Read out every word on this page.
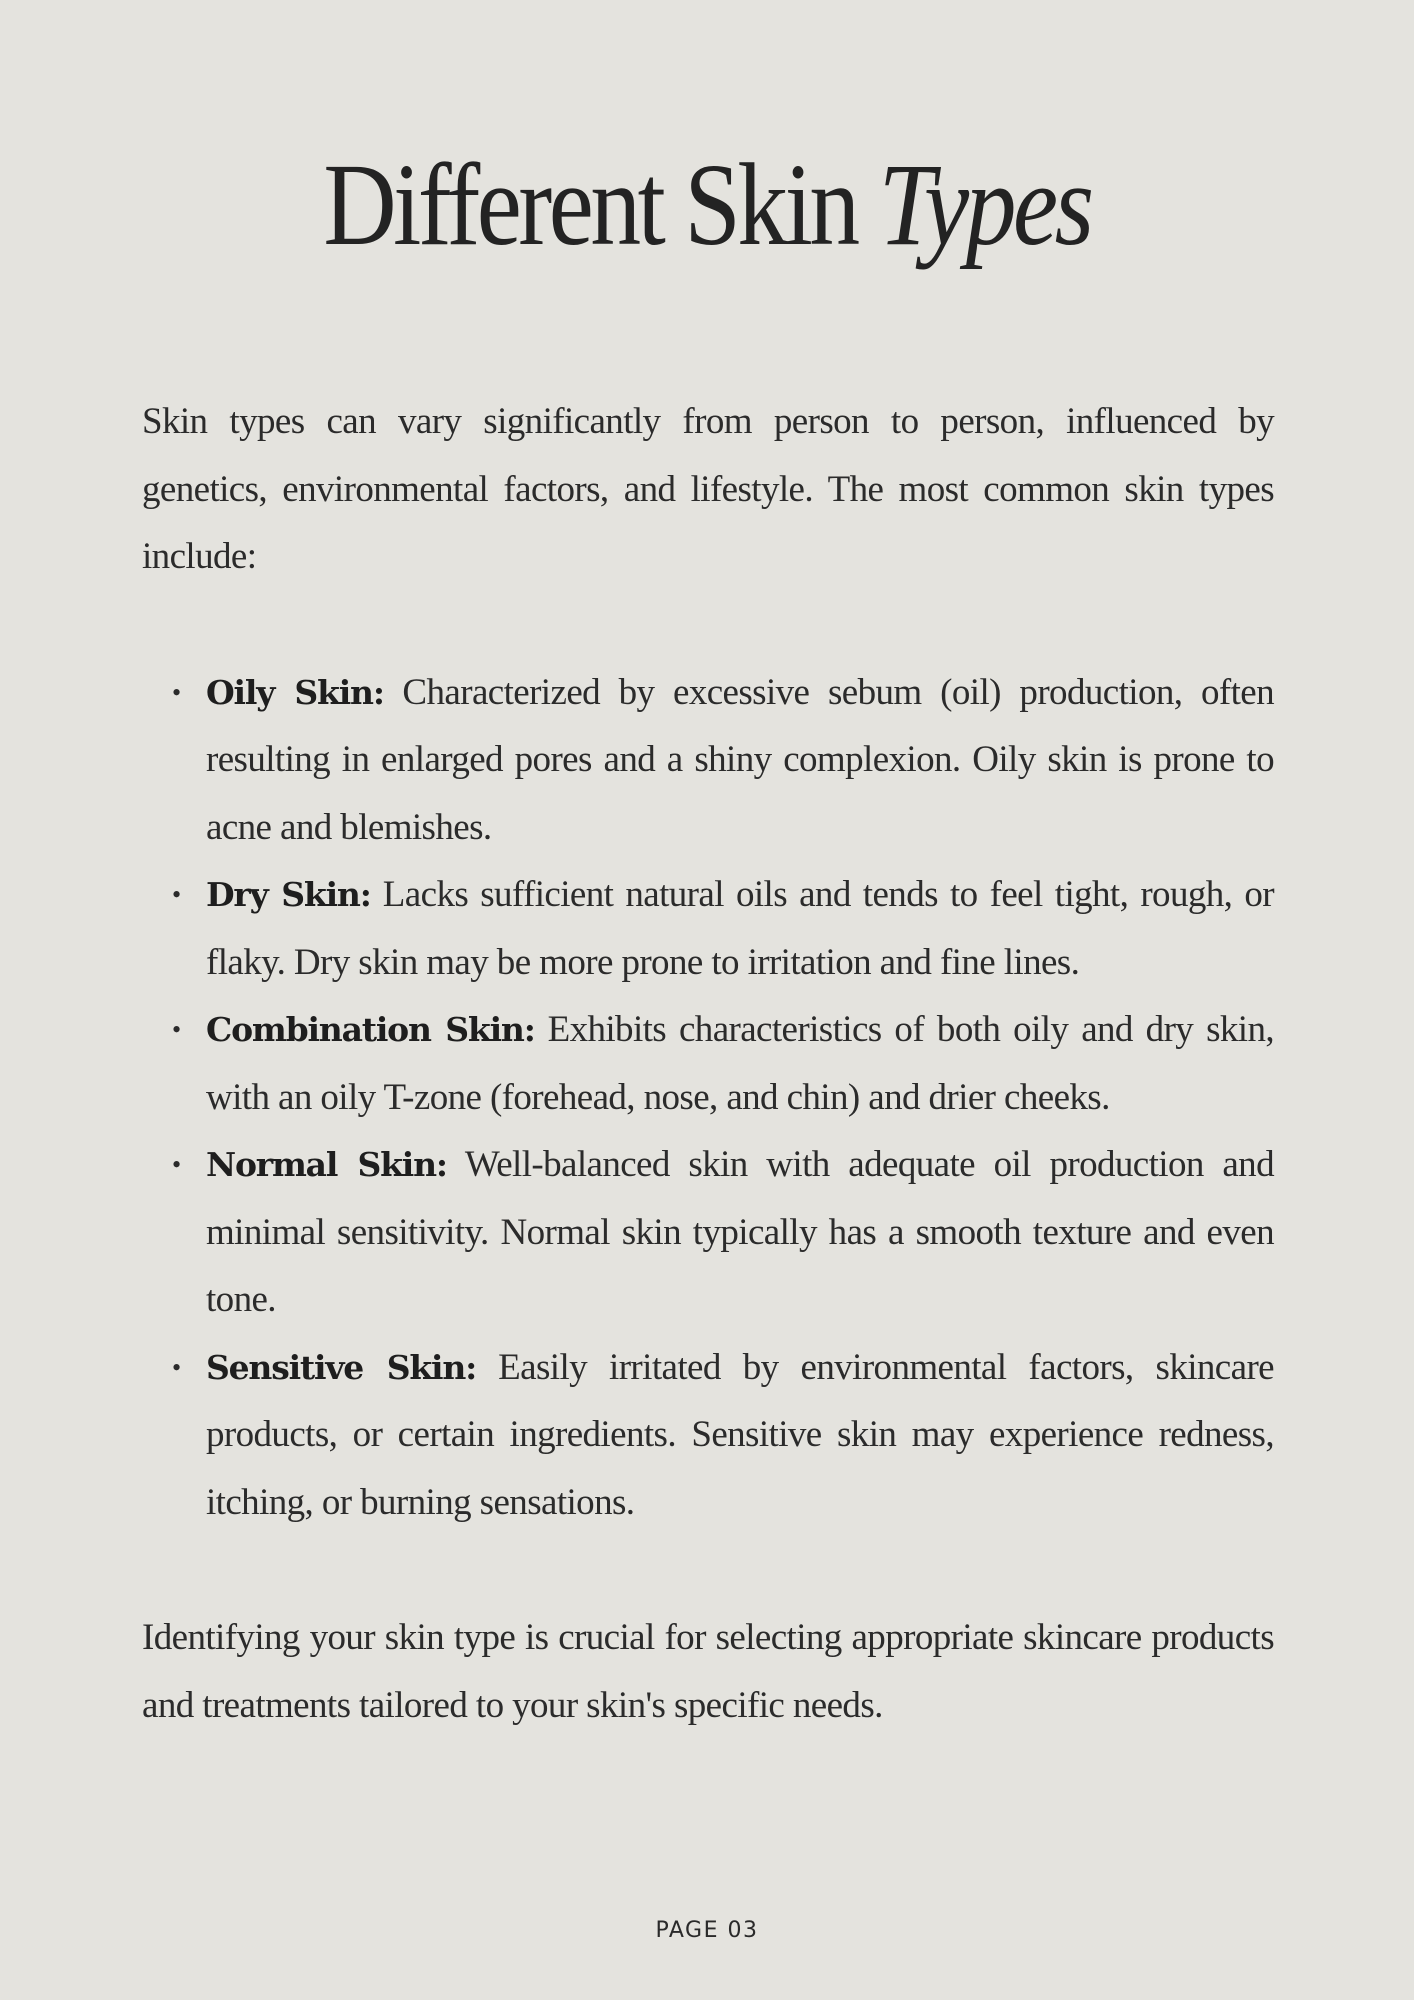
Different Skin Types

Skin types can vary significantly from person to person, influenced by genetics, environmental factors, and lifestyle. The most common skin types include:

• Oily Skin: Characterized by excessive sebum (oil) production, often resulting in enlarged pores and a shiny complexion. Oily skin is prone to acne and blemishes.
• Dry Skin: Lacks sufficient natural oils and tends to feel tight, rough, or flaky. Dry skin may be more prone to irritation and fine lines.
• Combination Skin: Exhibits characteristics of both oily and dry skin, with an oily T-zone (forehead, nose, and chin) and drier cheeks.
• Normal Skin: Well-balanced skin with adequate oil production and minimal sensitivity. Normal skin typically has a smooth texture and even tone.
• Sensitive Skin: Easily irritated by environmental factors, skincare products, or certain ingredients. Sensitive skin may experience redness, itching, or burning sensations.

Identifying your skin type is crucial for selecting appropriate skincare products and treatments tailored to your skin's specific needs.

PAGE 03
